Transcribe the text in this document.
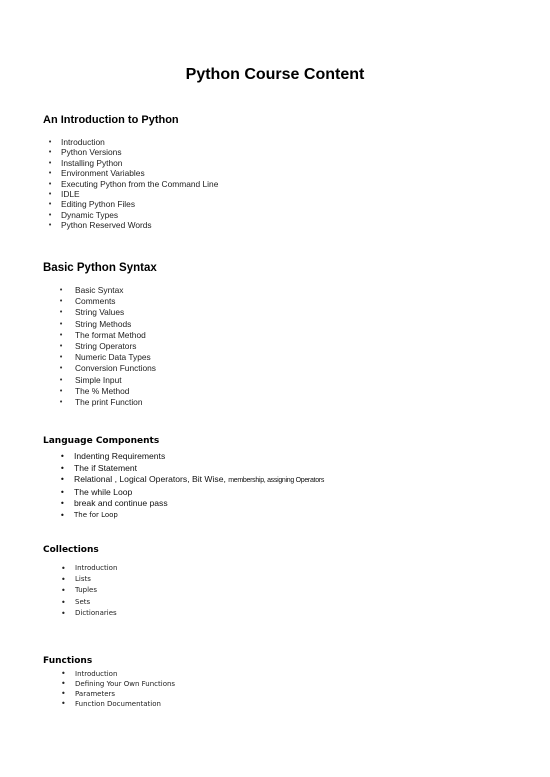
Python Course Content
An Introduction to Python
• Introduction
• Python Versions
• Installing Python
• Environment Variables
• Executing Python from the Command Line
• IDLE
• Editing Python Files
• Dynamic Types
• Python Reserved Words
Basic Python Syntax
• Basic Syntax
• Comments
• String Values
• String Methods
• The format Method
• String Operators
• Numeric Data Types
• Conversion Functions
• Simple Input
• The % Method
• The print Function
Language Components
• Indenting Requirements
• The if Statement
• Relational , Logical Operators, Bit Wise, membership, assigning Operators
• The while Loop
• break and continue pass
• The for Loop
Collections
• Introduction
• Lists
• Tuples
• Sets
• Dictionaries
Functions
• Introduction
• Defining Your Own Functions
• Parameters
• Function Documentation
